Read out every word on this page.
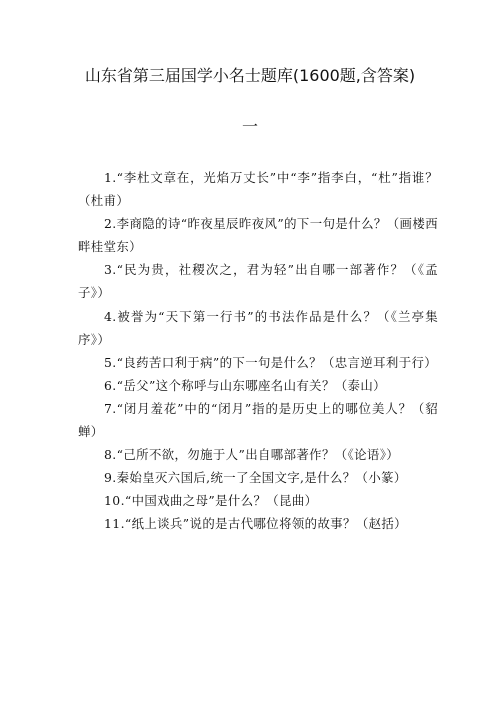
山东省第三届国学小名士题库(1600题,含答案)
一

1.“李杜文章在，光焰万丈长”中“李”指李白，“杜”指谁？（杜甫）

2.李商隐的诗“昨夜星辰昨夜风”的下一句是什么？（画楼西畔桂堂东）

3.“民为贵，社稷次之，君为轻”出自哪一部著作？（《孟子》）

4.被誉为“天下第一行书”的书法作品是什么？（《兰亭集序》）

5.“良药苦口利于病”的下一句是什么？（忠言逆耳利于行）

6.“岳父”这个称呼与山东哪座名山有关？（泰山）

7.“闭月羞花”中的“闭月”指的是历史上的哪位美人？（貂蝉）

8.“己所不欲，勿施于人”出自哪部著作？（《论语》）

9.秦始皇灭六国后,统一了全国文字,是什么？（小篆）

10.“中国戏曲之母”是什么？（昆曲）

11.“纸上谈兵”说的是古代哪位将领的故事？（赵括）
